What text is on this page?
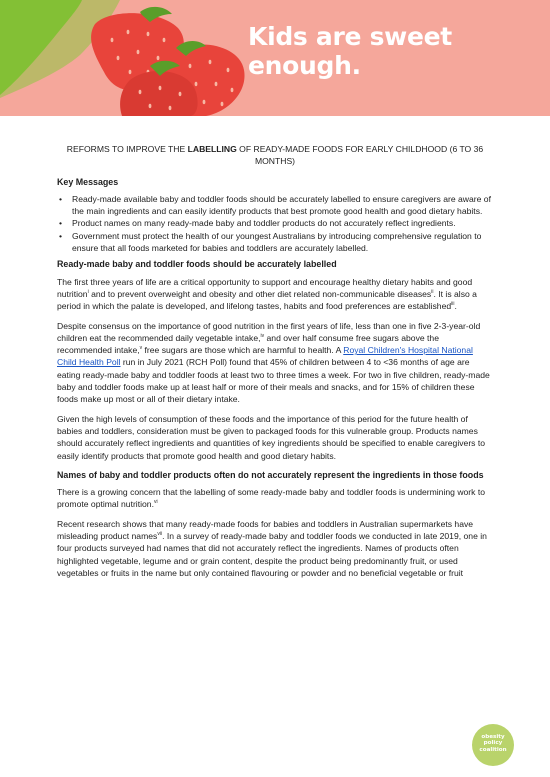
Kids are sweet
enough.
REFORMS TO IMPROVE THE LABELLING OF READY-MADE FOODS FOR EARLY CHILDHOOD (6 TO 36 MONTHS)
Key Messages
• Ready-made available baby and toddler foods should be accurately labelled to ensure caregivers are aware of the main ingredients and can easily identify products that best promote good health and good dietary habits.
• Product names on many ready-made baby and toddler products do not accurately reflect ingredients.
• Government must protect the health of our youngest Australians by introducing comprehensive regulation to ensure that all foods marketed for babies and toddlers are accurately labelled.
Ready-made baby and toddler foods should be accurately labelled

The first three years of life are a critical opportunity to support and encourage healthy dietary habits and good nutrition$^i$ and to prevent overweight and obesity and other diet related non-communicable diseases$^{ii}$. It is also a period in which the palate is developed, and lifelong tastes, habits and food preferences are established$^{iii}$.

Despite consensus on the importance of good nutrition in the first years of life, less than one in five 2-3-year-old children eat the recommended daily vegetable intake,$^{iv}$ and over half consume free sugars above the recommended intake,$^v$ free sugars are those which are harmful to health. A Royal Children's Hospital National Child Health Poll run in July 2021 (RCH Poll) found that 45% of children between 4 to <36 months of age are eating ready-made baby and toddler foods at least two to three times a week. For two in five children, ready-made baby and toddler foods make up at least half or more of their meals and snacks, and for 15% of children these foods make up most or all of their dietary intake.

Given the high levels of consumption of these foods and the importance of this period for the future health of babies and toddlers, consideration must be given to packaged foods for this vulnerable group. Products names should accurately reflect ingredients and quantities of key ingredients should be specified to enable caregivers to easily identify products that promote good health and good dietary habits.

Names of baby and toddler products often do not accurately represent the ingredients in those foods

There is a growing concern that the labelling of some ready-made baby and toddler foods is undermining work to promote optimal nutrition.$^{vi}$

Recent research shows that many ready-made foods for babies and toddlers in Australian supermarkets have misleading product names$^{vii}$. In a survey of ready-made baby and toddler foods we conducted in late 2019, one in four products surveyed had names that did not accurately reflect the ingredients. Names of products often highlighted vegetable, legume and or grain content, despite the product being predominantly fruit, or used vegetables or fruits in the name but only contained flavouring or powder and no beneficial vegetable or fruit

obesity
policy
coalition
